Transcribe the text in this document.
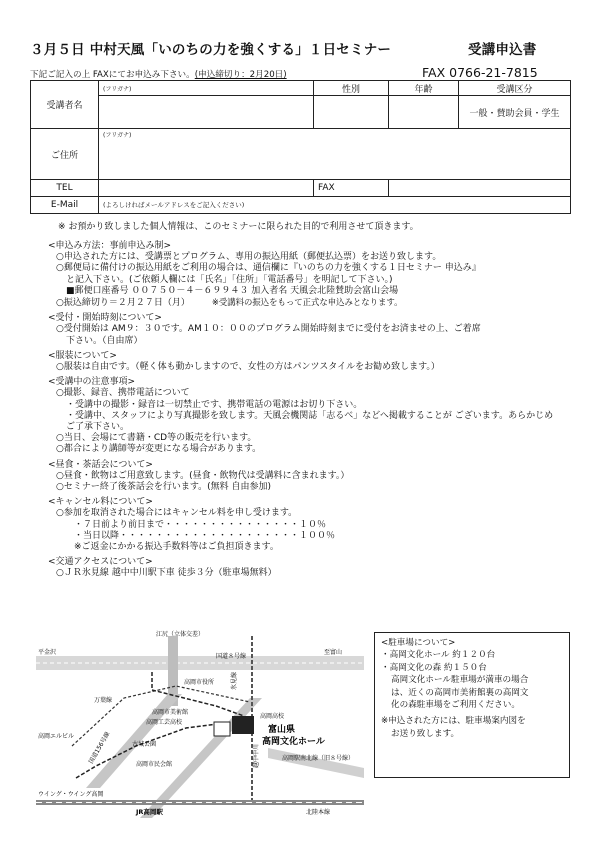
３月５日 中村天風「いのちの力を強くする」１日セミナー	受講申込書
下記ご記入の上 FAXにてお申込み下さい。(申込締切り：2月20日)	FAX 0766-21-7815
受講者名	(フリガナ)	性別	年齢	受講区分
				一般・賛助会員・学生
ご住所	(フリガナ)			

TEL		FAX		
E-Mail	(よろしければメールアドレスをご記入ください)			
※ お預かり致しました個人情報は、このセミナーに限られた目的で利用させて頂きます。
<申込み方法：事前申込み制>
○申込された方には、受講票とプログラム、専用の振込用紙（郵便払込票）をお送り致します。
○郵便局に備付けの振込用紙をご利用の場合は、通信欄に『いのちの力を強くする１日セミナー 申込み』
と記入下さい。(ご依頼人欄には「氏名」「住所」「電話番号」を明記して下さい。)
■郵便口座番号 ００７５０－４－６９９４３ 加入者名 天風会北陸賛助会富山会場
○振込締切り＝２月２７日（月）	※受講料の振込をもって正式な申込みとなります。
<受付・開始時刻について>
○受付開始は AM９：３０です。AM１０：００のプログラム開始時刻までに受付をお済ませの上、ご着席
下さい。（自由席）
<服装について>
○服装は自由です。（軽く体も動かしますので、女性の方はパンツスタイルをお勧め致します。）
<受講中の注意事項>
○撮影、録音、携帯電話について
・受講中の撮影・録音は一切禁止です、携帯電話の電源はお切り下さい。
・受講中、スタッフにより写真撮影を致します。天風会機関誌「志るべ」などへ掲載することが ございます。あらかじめご了承下さい。
○当日、会場にて書籍・CD等の販売を行います。
○都合により講師等が変更になる場合があります。
<昼食・茶話会について>
○昼食・飲物はご用意致します。(昼食・飲物代は受講料に含まれます。）
○セミナー終了後茶話会を行います。(無料 自由参加)
<キャンセル料について>
○参加を取消された場合にはキャンセル料を申し受けます。
・７日前より前日まで・・・・・・・・・・・・・・・１０％
・当日以降・・・・・・・・・・・・・・・・・・・・１００％
※ご返金にかかる振込手数料等はご負担頂きます。
<交通アクセスについて>
○ＪＲ氷見線 越中中川駅下車 徒歩３分（駐車場無料）
江尻（立体交差）
国道８号線
平金沢	至富山
高岡市役所
高岡市美術館
高岡工芸高校
高岡高校
万葉線
国道156号線	古城公園
高岡市民会館
高岡エルビル
ウイング・ウイング高岡
JR高岡駅
富山県
高岡文化ホール
北陸本線
氷見線
越中中川	高岡駅南北線（旧８号線）
<駐車場について>
・高岡文化ホール 約１２０台
・高岡文化の森 約１５０台
高岡文化ホール駐車場が満車の場合
は、近くの高岡市美術館裏の高岡文
化の森駐車場をご利用ください。
※申込された方には、駐車場案内図を
お送り致します。
